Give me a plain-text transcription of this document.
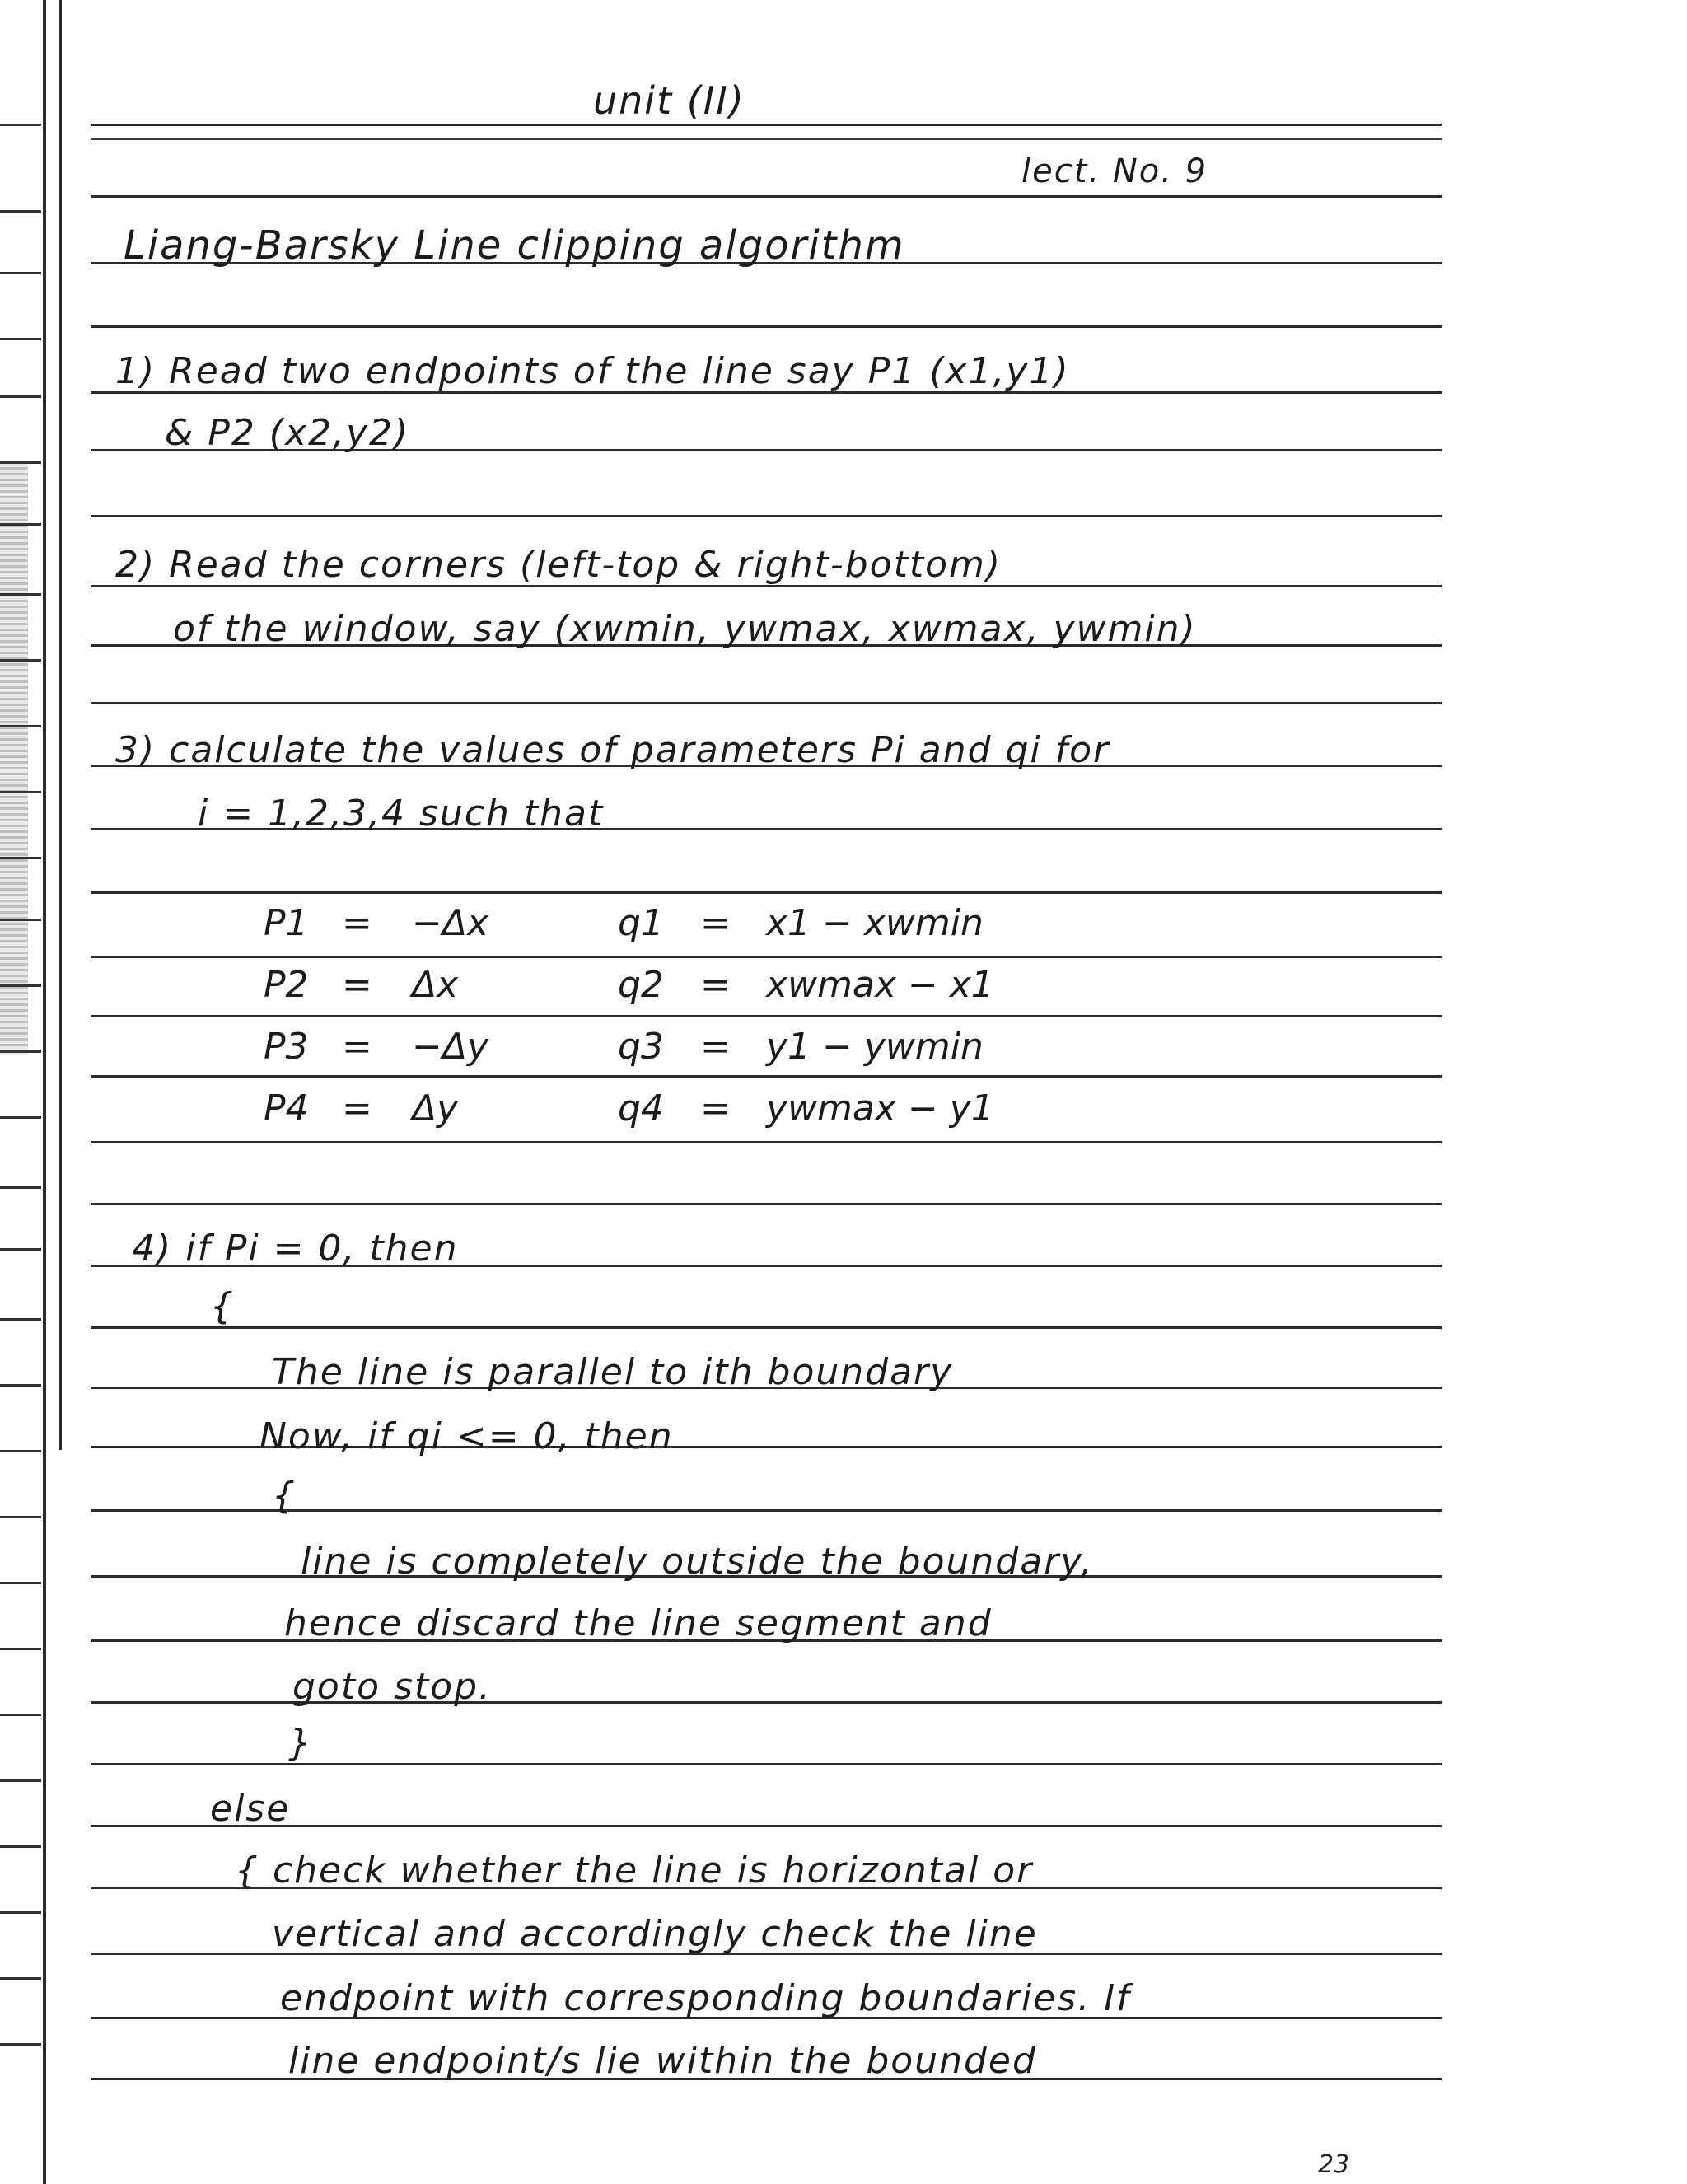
unit (II)
lect. No. 9
Liang-Barsky Line clipping algorithm
1) Read two endpoints of the line say P1 (x1,y1)
& P2 (x2,y2)
2) Read the corners (left-top & right-bottom)
of the window, say (xwmin, ywmax, xwmax, ywmin)
3) calculate the values of parameters Pi and qi for
i = 1,2,3,4 such that
P1 = −Δx	q1 = x1 − xwmin
P2 = Δx	q2 = xwmax − x1
P3 = −Δy	q3 = y1 − ywmin
P4 = Δy	q4 = ywmax − y1
4) if Pi = 0, then
{
The line is parallel to ith boundary
Now, if qi <= 0, then
{
line is completely outside the boundary,
hence discard the line segment and
goto stop.
}
else
{ check whether the line is horizontal or
vertical and accordingly check the line
endpoint with corresponding boundaries. If
line endpoint/s lie within the bounded
23
